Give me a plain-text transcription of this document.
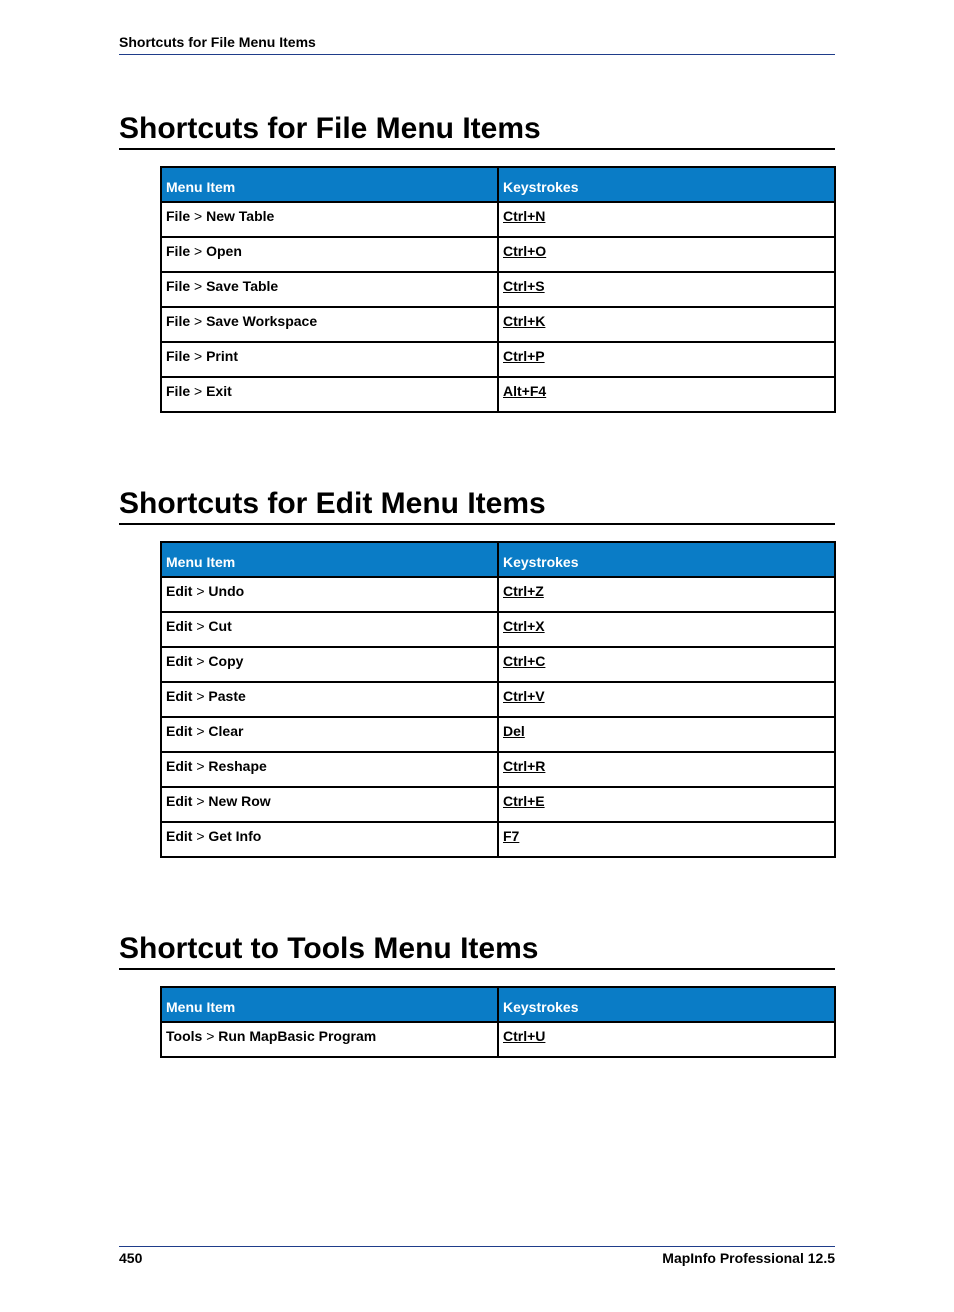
Shortcuts for File Menu Items
Shortcuts for File Menu Items
Menu Item	Keystrokes
File > New Table	Ctrl+N
File > Open	Ctrl+O
File > Save Table	Ctrl+S
File > Save Workspace	Ctrl+K
File > Print	Ctrl+P
File > Exit	Alt+F4
Shortcuts for Edit Menu Items
Menu Item	Keystrokes
Edit > Undo	Ctrl+Z
Edit > Cut	Ctrl+X
Edit > Copy	Ctrl+C
Edit > Paste	Ctrl+V
Edit > Clear	Del
Edit > Reshape	Ctrl+R
Edit > New Row	Ctrl+E
Edit > Get Info	F7
Shortcut to Tools Menu Items
Menu Item	Keystrokes
Tools > Run MapBasic Program	Ctrl+U
450	MapInfo Professional 12.5
